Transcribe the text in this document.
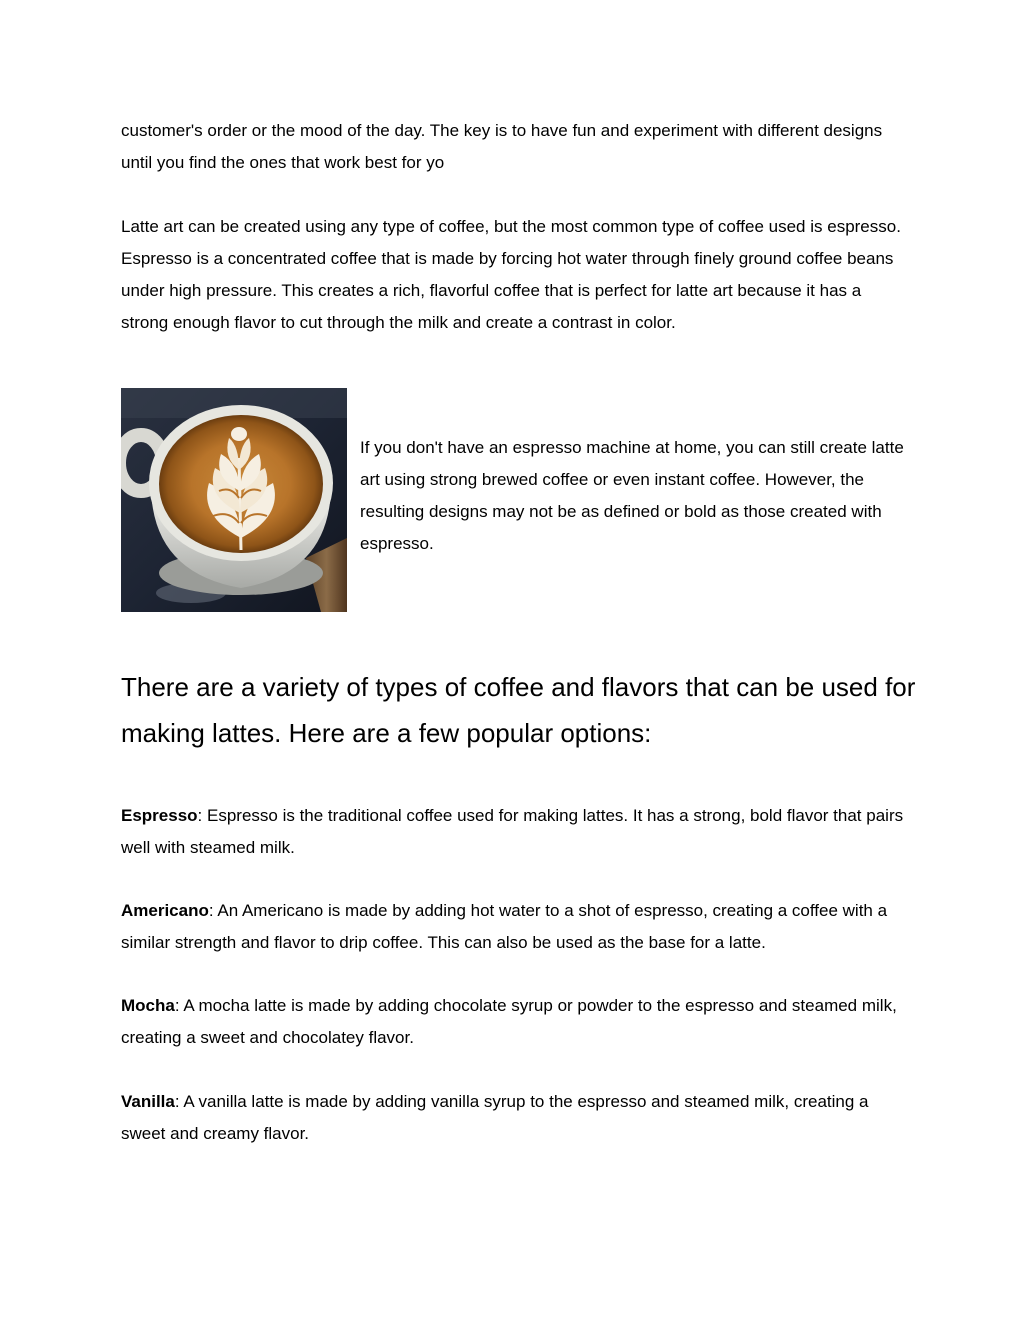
customer's order or the mood of the day. The key is to have fun and experiment with different designs until you find the ones that work best for yo

Latte art can be created using any type of coffee, but the most common type of coffee used is espresso. Espresso is a concentrated coffee that is made by forcing hot water through finely ground coffee beans under high pressure. This creates a rich, flavorful coffee that is perfect for latte art because it has a strong enough flavor to cut through the milk and create a contrast in color.

If you don't have an espresso machine at home, you can still create latte art using strong brewed coffee or even instant coffee. However, the resulting designs may not be as defined or bold as those created with espresso.

There are a variety of types of coffee and flavors that can be used for making lattes. Here are a few popular options:

Espresso: Espresso is the traditional coffee used for making lattes. It has a strong, bold flavor that pairs well with steamed milk.

Americano: An Americano is made by adding hot water to a shot of espresso, creating a coffee with a similar strength and flavor to drip coffee. This can also be used as the base for a latte.

Mocha: A mocha latte is made by adding chocolate syrup or powder to the espresso and steamed milk, creating a sweet and chocolatey flavor.

Vanilla: A vanilla latte is made by adding vanilla syrup to the espresso and steamed milk, creating a sweet and creamy flavor.
